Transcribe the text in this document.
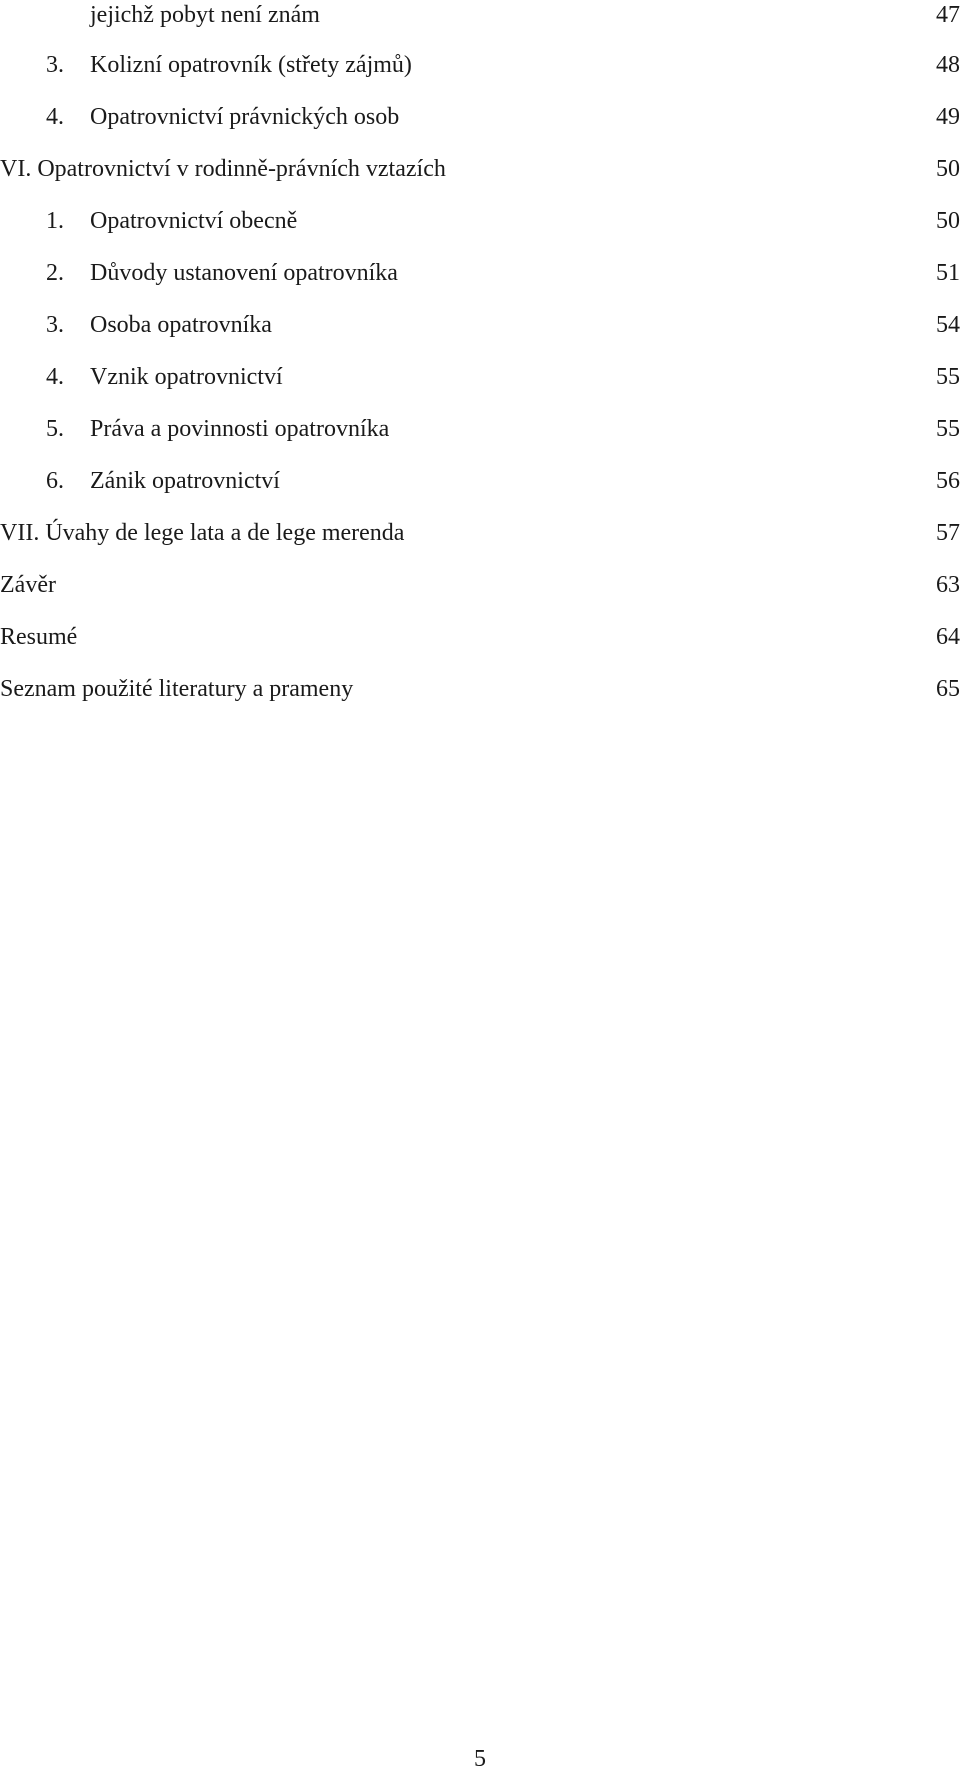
jejichž pobyt není znám	47
3. Kolizní opatrovník (střety zájmů)	48
4. Opatrovnictví právnických osob	49
VI. Opatrovnictví v rodinně-právních vztazích	50
1. Opatrovnictví obecně	50
2. Důvody ustanovení opatrovníka	51
3. Osoba opatrovníka	54
4. Vznik opatrovnictví	55
5. Práva a povinnosti opatrovníka	55
6. Zánik opatrovnictví	56
VII. Úvahy de lege lata a de lege merenda	57
Závěr	63
Resumé	64
Seznam použité literatury a prameny	65
5
